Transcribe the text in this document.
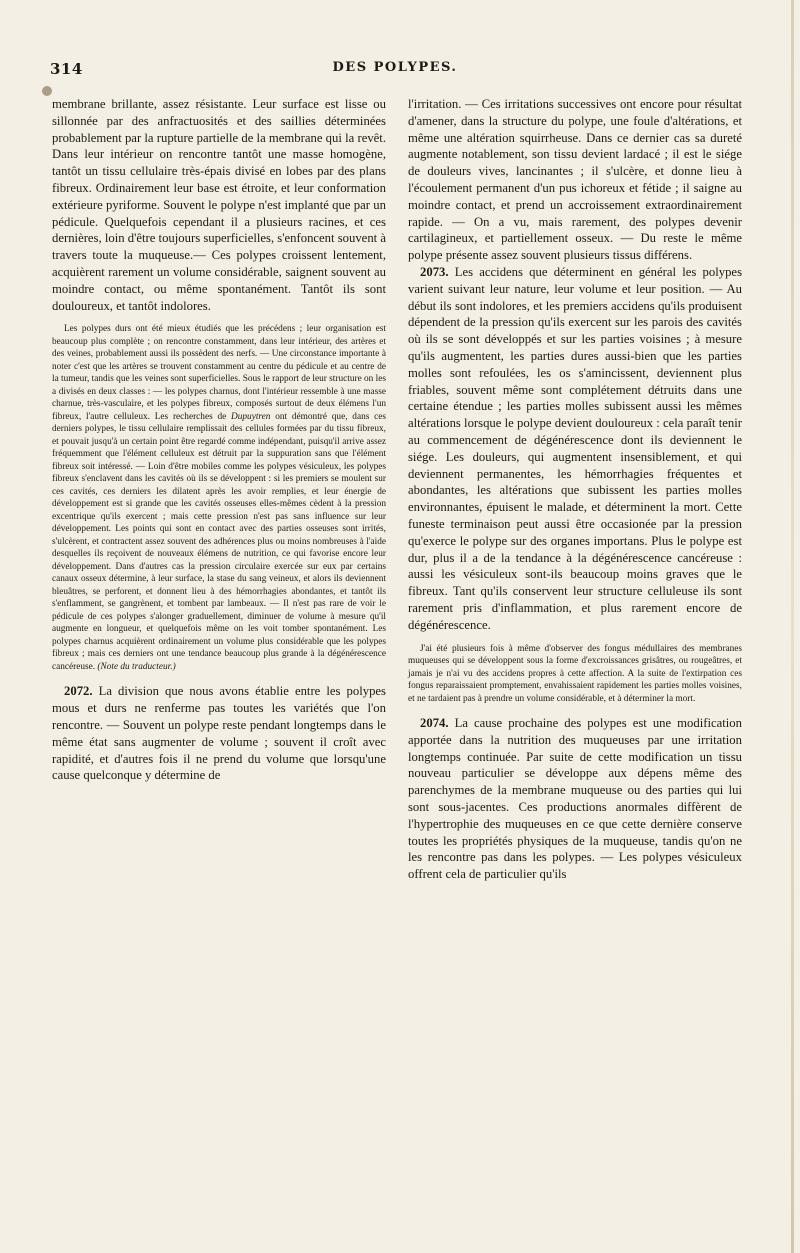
314	DES POLYPES.

membrane brillante, assez résistante. Leur surface est lisse ou sillonnée par des anfractuosités et des saillies déterminées probablement par la rupture partielle de la membrane qui la revêt. Dans leur intérieur on rencontre tantôt une masse homogène, tantôt un tissu cellulaire très-épais divisé en lobes par des plans fibreux. Ordinairement leur base est étroite, et leur conformation extérieure pyriforme. Souvent le polype n'est implanté que par un pédicule. Quelquefois cependant il a plusieurs racines, et ces dernières, loin d'être toujours superficielles, s'enfoncent souvent à travers toute la muqueuse.— Ces polypes croissent lentement, acquièrent rarement un volume considérable, saignent souvent au moindre contact, ou même spontanément. Tantôt ils sont douloureux, et tantôt indolores.

Les polypes durs ont été mieux étudiés que les précédens ; leur organisation est beaucoup plus complète ; on rencontre constamment, dans leur intérieur, des artères et des veines, probablement aussi ils possèdent des nerfs. — Une circonstance importante à noter c'est que les artères se trouvent constamment au centre du pédicule et au centre de la tumeur, tandis que les veines sont superficielles. Sous le rapport de leur structure on les a divisés en deux classes : — les polypes charnus, dont l'intérieur ressemble à une masse charnue, très-vasculaire, et les polypes fibreux, composés surtout de deux élémens l'un fibreux, l'autre celluleux. Les recherches de Dupuytren ont démontré que, dans ces derniers polypes, le tissu cellulaire remplissait des cellules formées par du tissu fibreux, et pouvait jusqu'à un certain point être regardé comme indépendant, puisqu'il arrive assez fréquemment que l'élément celluleux est détruit par la suppuration sans que l'élément fibreux soit intéressé. — Loin d'être mobiles comme les polypes vésiculeux, les polypes fibreux s'enclavent dans les cavités où ils se développent : si les premiers se moulent sur ces cavités, ces derniers les dilatent après les avoir remplies, et leur énergie de développement est si grande que les cavités osseuses elles-mêmes cèdent à la pression excentrique qu'ils exercent ; mais cette pression n'est pas sans influence sur leur développement. Les points qui sont en contact avec des parties osseuses sont irrités, s'ulcèrent, et contractent assez souvent des adhérences plus ou moins nombreuses à l'aide desquelles ils reçoivent de nouveaux élémens de nutrition, ce qui favorise encore leur développement. Dans d'autres cas la pression circulaire exercée sur eux par certains canaux osseux détermine, à leur surface, la stase du sang veineux, et alors ils deviennent bleuâtres, se perforent, et donnent lieu à des hémorrhagies abondantes, et tantôt ils s'enflamment, se gangrènent, et tombent par lambeaux. — Il n'est pas rare de voir le pédicule de ces polypes s'alonger graduellement, diminuer de volume à mesure qu'il augmente en longueur, et quelquefois même on les voit tomber spontanément. Les polypes charnus acquièrent ordinairement un volume plus considérable que les polypes fibreux ; mais ces derniers ont une tendance beaucoup plus grande à la dégénérescence cancéreuse. (Note du traducteur.)

2072. La division que nous avons établie entre les polypes mous et durs ne renferme pas toutes les variétés que l'on rencontre. — Souvent un polype reste pendant longtemps dans le même état sans augmenter de volume ; souvent il croît avec rapidité, et d'autres fois il ne prend du volume que lorsqu'une cause quelconque y détermine de

l'irritation. — Ces irritations successives ont encore pour résultat d'amener, dans la structure du polype, une foule d'altérations, et même une altération squirrheuse. Dans ce dernier cas sa dureté augmente notablement, son tissu devient lardacé ; il est le siége de douleurs vives, lancinantes ; il s'ulcère, et donne lieu à l'écoulement permanent d'un pus ichoreux et fétide ; il saigne au moindre contact, et prend un accroissement extraordinairement rapide. — On a vu, mais rarement, des polypes devenir cartilagineux, et partiellement osseux. — Du reste le même polype présente assez souvent plusieurs tissus différens.

2073. Les accidens que déterminent en général les polypes varient suivant leur nature, leur volume et leur position. — Au début ils sont indolores, et les premiers accidens qu'ils produisent dépendent de la pression qu'ils exercent sur les parois des cavités où ils se sont développés et sur les parties voisines ; à mesure qu'ils augmentent, les parties dures aussi-bien que les parties molles sont refoulées, les os s'amincissent, deviennent plus friables, souvent même sont complétement détruits dans une certaine étendue ; les parties molles subissent aussi les mêmes altérations lorsque le polype devient douloureux : cela paraît tenir au commencement de dégénérescence dont ils deviennent le siége. Les douleurs, qui augmentent insensiblement, et qui deviennent permanentes, les hémorrhagies fréquentes et abondantes, les altérations que subissent les parties molles environnantes, épuisent le malade, et déterminent la mort. Cette funeste terminaison peut aussi être occasionée par la pression qu'exerce le polype sur des organes importans. Plus le polype est dur, plus il a de la tendance à la dégénérescence cancéreuse : aussi les vésiculeux sont-ils beaucoup moins graves que le fibreux. Tant qu'ils conservent leur structure celluleuse ils sont rarement pris d'inflammation, et plus rarement encore de dégénérescence.

J'ai été plusieurs fois à même d'observer des fongus médullaires des membranes muqueuses qui se développent sous la forme d'excroissances grisâtres, ou rougeâtres, et jamais je n'ai vu des accidens propres à cette affection. A la suite de l'extirpation ces fongus reparaissaient promptement, envahissaient rapidement les parties molles voisines, et ne tardaient pas à prendre un volume considérable, et à déterminer la mort.

2074. La cause prochaine des polypes est une modification apportée dans la nutrition des muqueuses par une irritation longtemps continuée. Par suite de cette modification un tissu nouveau particulier se développe aux dépens même des parenchymes de la membrane muqueuse ou des parties qui lui sont sous-jacentes. Ces productions anormales diffèrent de l'hypertrophie des muqueuses en ce que cette dernière conserve toutes les propriétés physiques de la muqueuse, tandis qu'on ne les rencontre pas dans les polypes. — Les polypes vésiculeux offrent cela de particulier qu'ils
